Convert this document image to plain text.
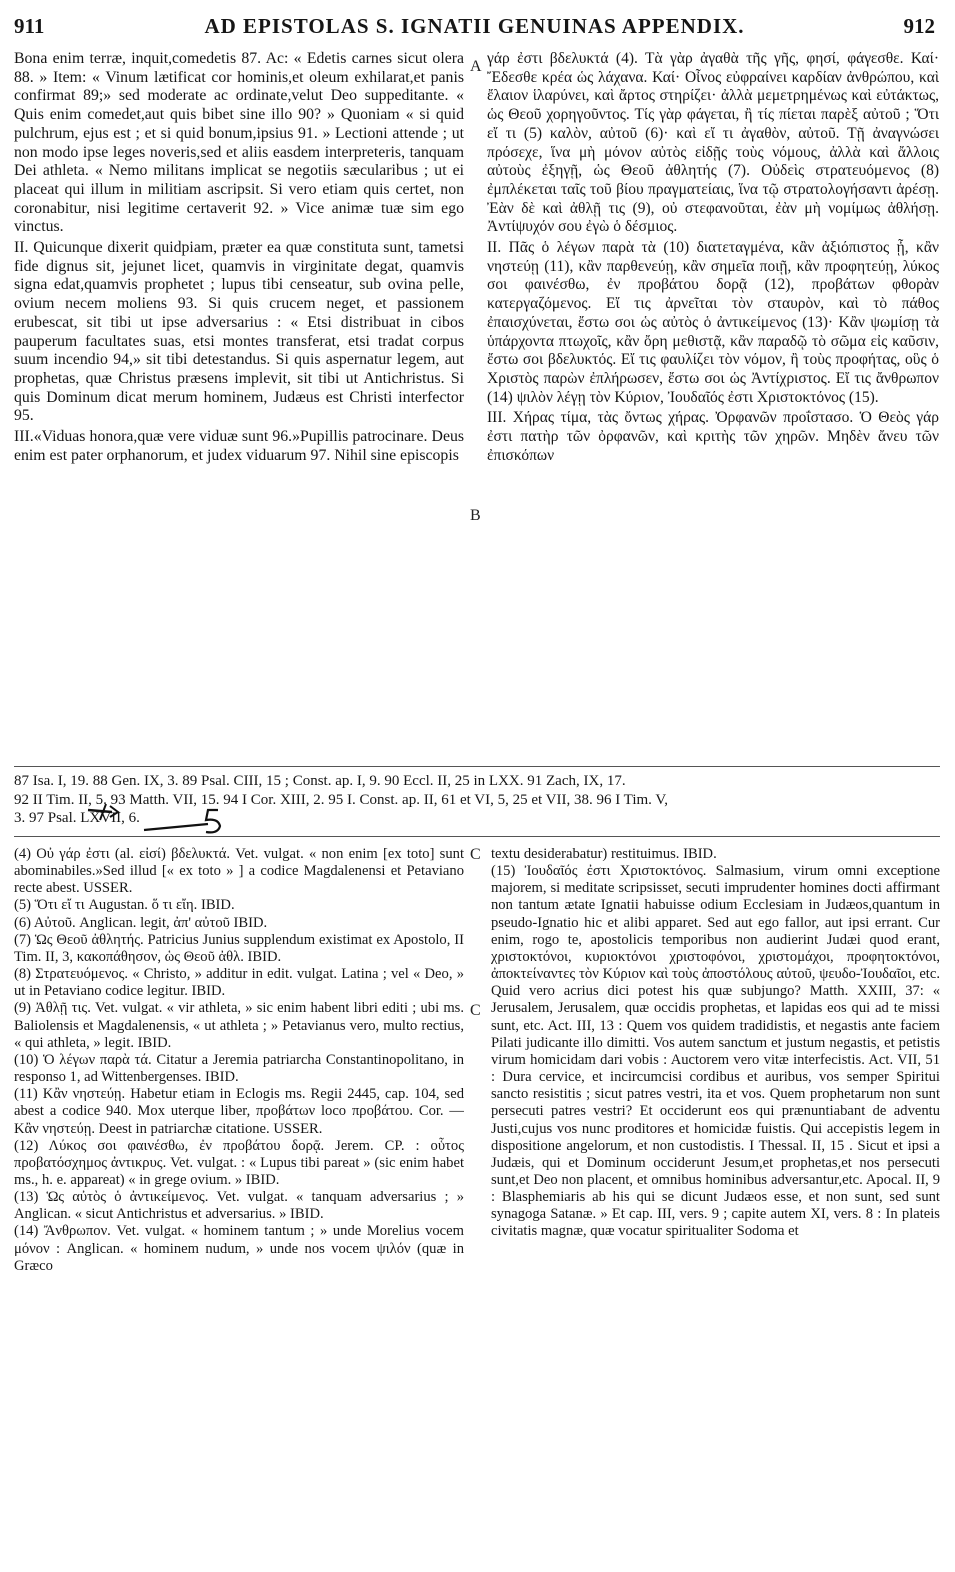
911	AD EPISTOLAS S. IGNATII GENUINAS APPENDIX.	912
A
B

Bona enim terræ, inquit,comedetis 87. Ac: « Edetis carnes sicut olera 88. » Item: « Vinum lætificat cor hominis,et oleum exhilarat,et panis confirmat 89;» sed moderate ac ordinate,velut Deo suppeditante. « Quis enim comedet,aut quis bibet sine illo 90? » Quoniam « si quid pulchrum, ejus est ; et si quid bonum,ipsius 91. » Lectioni attende ; ut non modo ipse leges noveris,sed et aliis easdem interpreteris, tanquam Dei athleta. « Nemo militans implicat se negotiis sæcularibus ; ut ei placeat qui illum in militiam ascripsit. Si vero etiam quis certet, non coronabitur, nisi legitime certaverit 92. » Vice animæ tuæ sim ego vinctus.

II. Quicunque dixerit quidpiam, præter ea quæ constituta sunt, tametsi fide dignus sit, jejunet licet, quamvis in virginitate degat, quamvis signa edat,quamvis prophetet ; lupus tibi censeatur, sub ovina pelle, ovium necem moliens 93. Si quis crucem neget, et passionem erubescat, sit tibi ut ipse adversarius : « Etsi distribuat in cibos pauperum facultates suas, etsi montes transferat, etsi tradat corpus suum incendio 94,» sit tibi detestandus. Si quis aspernatur legem, aut prophetas, quæ Christus præsens implevit, sit tibi ut Antichristus. Si quis Dominum dicat merum hominem, Judæus est Christi interfector 95.

III.«Viduas honora,quæ vere viduæ sunt 96.»Pupillis patrocinare. Deus enim est pater orphanorum, et judex viduarum 97. Nihil sine episcopis

γάρ ἐστι βδελυκτά (4). Τὰ γὰρ ἀγαθὰ τῆς γῆς, φησί, φάγεσθε. Καί· Ἔδεσθε κρέα ὡς λάχανα. Καί· Οἶνος εὐφραίνει καρδίαν ἀνθρώπου, καὶ ἔλαιον ἱλαρύνει, καὶ ἄρτος στηρίζει· ἀλλὰ μεμετρημένως καὶ εὐτάκτως, ὡς Θεοῦ χορηγοῦντος. Τίς γὰρ φάγεται, ἢ τίς πίεται παρὲξ αὐτοῦ ; Ὅτι εἴ τι (5) καλὸν, αὐτοῦ (6)· καὶ εἴ τι ἀγαθὸν, αὐτοῦ. Τῇ ἀναγνώσει πρόσεχε, ἵνα μὴ μόνον αὐτὸς εἰδῇς τοὺς νόμους, ἀλλὰ καὶ ἄλλοις αὐτοὺς ἐξηγῇ, ὡς Θεοῦ ἀθλητής (7). Οὐδεὶς στρατευόμενος (8) ἐμπλέκεται ταῖς τοῦ βίου πραγματείαις, ἵνα τῷ στρατολογήσαντι ἀρέσῃ. Ἐὰν δὲ καὶ ἀθλῇ τις (9), οὐ στεφανοῦται, ἐὰν μὴ νομίμως ἀθλήσῃ. Ἀντίψυχόν σου ἐγὼ ὁ δέσμιος.

II. Πᾶς ὁ λέγων παρὰ τὰ (10) διατεταγμένα, κἂν ἀξιόπιστος ᾖ, κἂν νηστεύῃ (11), κἂν παρθενεύῃ, κἂν σημεῖα ποιῇ, κἂν προφητεύῃ, λύκος σοι φαινέσθω, ἐν προβάτου δορᾷ (12), προβάτων φθορὰν κατεργαζόμενος. Εἴ τις ἀρνεῖται τὸν σταυρὸν, καὶ τὸ πάθος ἐπαισχύνεται, ἔστω σοι ὡς αὐτὸς ὁ ἀντικείμενος (13)· Κἂν ψωμίσῃ τὰ ὑπάρχοντα πτωχοῖς, κἂν ὄρη μεθιστᾷ, κἂν παραδῷ τὸ σῶμα εἰς καῦσιν, ἔστω σοι βδελυκτός. Εἴ τις φαυλίζει τὸν νόμον, ἢ τοὺς προφήτας, οὓς ὁ Χριστὸς παρὼν ἐπλήρωσεν, ἔστω σοι ὡς Ἀντίχριστος. Εἴ τις ἄνθρωπον (14) ψιλὸν λέγῃ τὸν Κύριον, Ἰουδαῖός ἐστι Χριστοκτόνος (15).

III. Χήρας τίμα, τὰς ὄντως χήρας. Ὀρφανῶν προΐστασο. Ὁ Θεὸς γάρ ἐστι πατὴρ τῶν ὀρφανῶν, καὶ κριτὴς τῶν χηρῶν. Μηδὲν ἄνευ τῶν ἐπισκόπων

87 Isa. I, 19. 88 Gen. IX, 3. 89 Psal. CIII, 15 ; Const. ap. I, 9. 90 Eccl. II, 25 in LXX. 91 Zach, IX, 17.

92 II Tim. II, 5. 93 Matth. VII, 15. 94 I Cor. XIII, 2. 95 I. Const. ap. II, 61 et VI, 5, 25 et VII, 38. 96 I Tim. V,

3. 97 Psal. LXVII, 6.

C
C

(4) Οὐ γάρ ἐστι (al. εἰσί) βδελυκτά. Vet. vulgat. « non enim [ex toto] sunt abominabiles.»Sed illud [« ex toto » ] a codice Magdalenensi et Petaviano recte abest. USSER.

(5) Ὅτι εἴ τι Augustan. ὅ τι εἴη. IBID.

(6) Αὐτοῦ. Anglican. legit, ἀπ' αὐτοῦ IBID.

(7) Ὡς Θεοῦ ἀθλητής. Patricius Junius supplendum existimat ex Apostolo, II Tim. II, 3, κακοπάθησον, ὡς Θεοῦ ἀθλ. IBID.

(8) Στρατευόμενος. « Christo, » additur in edit. vulgat. Latina ; vel « Deo, » ut in Petaviano codice legitur. IBID.

(9) Ἀθλῇ τις. Vet. vulgat. « vir athleta, » sic enim habent libri editi ; ubi ms. Baliolensis et Magdalenensis, « ut athleta ; » Petavianus vero, multo rectius, « qui athleta, » legit. IBID.

(10) Ὁ λέγων παρὰ τά. Citatur a Jeremia patriarcha Constantinopolitano, in responso 1, ad Wittenbergenses. IBID.

(11) Κἂν νηστεύῃ. Habetur etiam in Eclogis ms. Regii 2445, cap. 104, sed abest a codice 940. Mox uterque liber, προβάτων loco προβάτου. Cor. — Κἂν νηστεύῃ. Deest in patriarchæ citatione. USSER.

(12) Λύκος σοι φαινέσθω, ἐν προβάτου δορᾷ. Jerem. CP. : οὗτος προβατόσχημος ἀντικρυς. Vet. vulgat. : « Lupus tibi pareat » (sic enim habet ms., h. e. appareat) « in grege ovium. » IBID.

(13) Ὡς αὐτὸς ὁ ἀντικείμενος. Vet. vulgat. « tanquam adversarius ; » Anglican. « sicut Antichristus et adversarius. » IBID.

(14) Ἄνθρωπον. Vet. vulgat. « hominem tantum ; » unde Morelius vocem μόνον : Anglican. « hominem nudum, » unde nos vocem ψιλόν (quæ in Græco

textu desiderabatur) restituimus. IBID.

(15) Ἰουδαῖός ἐστι Χριστοκτόνος. Salmasium, virum omni exceptione majorem, si meditate scripsisset, secuti imprudenter homines docti affirmant non tantum ætate Ignatii habuisse odium Ecclesiam in Judæos,quantum in pseudo-Ignatio hic et alibi apparet. Sed aut ego fallor, aut ipsi errant. Cur enim, rogo te, apostolicis temporibus non audierint Judæi quod erant, χριστοκτόνοι, κυριοκτόνοι χριστοφόνοι, χριστομάχοι, προφητοκτόνοι, ἀποκτείναντες τὸν Κύριον καὶ τοὺς ἀποστόλους αὐτοῦ, ψευδο-Ἰουδαῖοι, etc. Quid vero acrius dici potest his quæ subjungo? Matth. XXIII, 37: « Jerusalem, Jerusalem, quæ occidis prophetas, et lapidas eos qui ad te missi sunt, etc. Act. III, 13 : Quem vos quidem tradidistis, et negastis ante faciem Pilati judicante illo dimitti. Vos autem sanctum et justum negastis, et petistis virum homicidam dari vobis : Auctorem vero vitæ interfecistis. Act. VII, 51 : Dura cervice, et incircumcisi cordibus et auribus, vos semper Spiritui sancto resistitis ; sicut patres vestri, ita et vos. Quem prophetarum non sunt persecuti patres vestri? Et occiderunt eos qui prænuntiabant de adventu Justi,cujus vos nunc proditores et homicidæ fuistis. Qui accepistis legem in dispositione angelorum, et non custodistis. I Thessal. II, 15 . Sicut et ipsi a Judæis, qui et Dominum occiderunt Jesum,et prophetas,et nos persecuti sunt,et Deo non placent, et omnibus hominibus adversantur,etc. Apocal. II, 9 : Blasphemiaris ab his qui se dicunt Judæos esse, et non sunt, sed sunt synagoga Satanæ. » Et cap. III, vers. 9 ; capite autem XI, vers. 8 : In plateis civitatis magnæ, quæ vocatur spiritualiter Sodoma et
